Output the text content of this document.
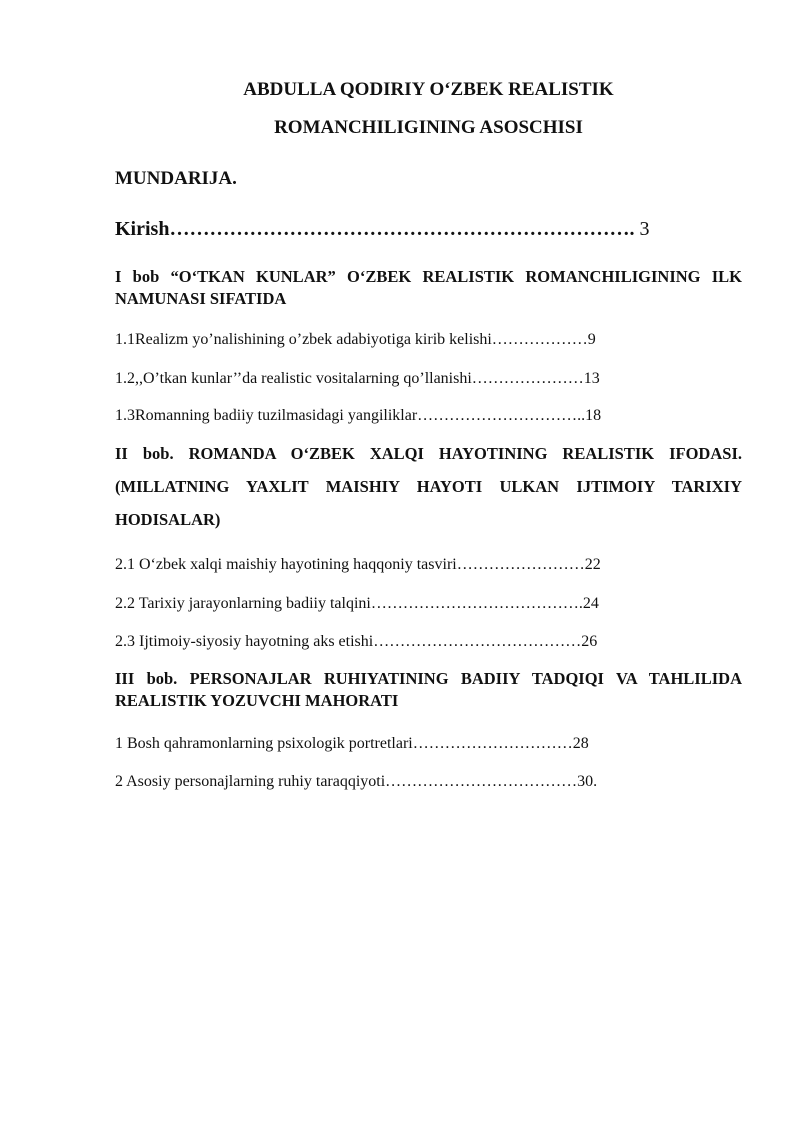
ABDULLA QODIRIY O‘ZBEK REALISTIK

ROMANCHILIGINING ASOSCHISI

MUNDARIJA.

Kirish……………………………………………………………. 3

I bob “O‘TKAN KUNLAR” O‘ZBEK REALISTIK ROMANCHILIGINING ILK NAMUNASI SIFATIDA

1.1Realizm yo’nalishining o’zbek adabiyotiga kirib kelishi………………9
1.2,,O’tkan kunlar’’da realistic vositalarning qo’llanishi…………………13
1.3Romanning badiiy tuzilmasidagi yangiliklar…………………………..18

II bob. ROMANDA O‘ZBEK XALQI HAYOTINING REALISTIK IFODASI. (MILLATNING YAXLIT MAISHIY HAYOTI ULKAN IJTIMOIY TARIXIY HODISALAR)

2.1 O‘zbek xalqi maishiy hayotining haqqoniy tasviri……………………22
2.2 Tarixiy jarayonlarning badiiy talqini………………………………….24
2.3 Ijtimoiy-siyosiy hayotning aks etishi…………………………………26

III bob. PERSONAJLAR RUHIYATINING BADIIY TADQIQI VA TAHLILIDA REALISTIK YOZUVCHI MAHORATI

1 Bosh qahramonlarning psixologik portretlari…………………………28
2 Asosiy personajlarning ruhiy taraqqiyoti………………………………30.
